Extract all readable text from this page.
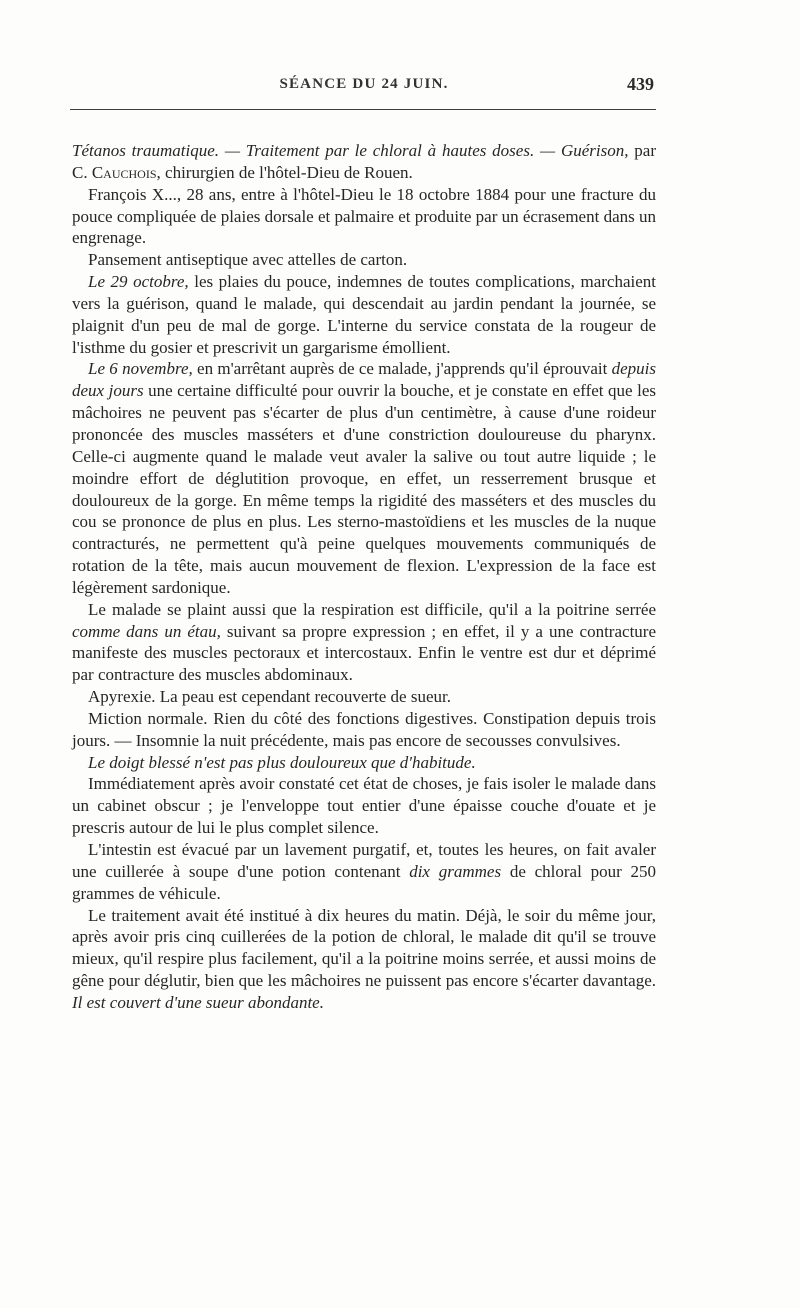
SÉANCE DU 24 JUIN.	439

Tétanos traumatique. — Traitement par le chloral à hautes doses. — Guérison, par C. Cauchois, chirurgien de l'hôtel-Dieu de Rouen.

François X..., 28 ans, entre à l'hôtel-Dieu le 18 octobre 1884 pour une fracture du pouce compliquée de plaies dorsale et palmaire et produite par un écrasement dans un engrenage.

Pansement antiseptique avec attelles de carton.

Le 29 octobre, les plaies du pouce, indemnes de toutes complications, marchaient vers la guérison, quand le malade, qui descendait au jardin pendant la journée, se plaignit d'un peu de mal de gorge. L'interne du service constata de la rougeur de l'isthme du gosier et prescrivit un gargarisme émollient.

Le 6 novembre, en m'arrêtant auprès de ce malade, j'apprends qu'il éprouvait depuis deux jours une certaine difficulté pour ouvrir la bouche, et je constate en effet que les mâchoires ne peuvent pas s'écarter de plus d'un centimètre, à cause d'une roideur prononcée des muscles masséters et d'une constriction douloureuse du pharynx. Celle-ci augmente quand le malade veut avaler la salive ou tout autre liquide ; le moindre effort de déglutition provoque, en effet, un resserrement brusque et douloureux de la gorge. En même temps la rigidité des masséters et des muscles du cou se prononce de plus en plus. Les sterno-mastoïdiens et les muscles de la nuque contracturés, ne permettent qu'à peine quelques mouvements communiqués de rotation de la tête, mais aucun mouvement de flexion. L'expression de la face est légèrement sardonique.

Le malade se plaint aussi que la respiration est difficile, qu'il a la poitrine serrée comme dans un étau, suivant sa propre expression ; en effet, il y a une contracture manifeste des muscles pectoraux et intercostaux. Enfin le ventre est dur et déprimé par contracture des muscles abdominaux.

Apyrexie. La peau est cependant recouverte de sueur.

Miction normale. Rien du côté des fonctions digestives. Constipation depuis trois jours. — Insomnie la nuit précédente, mais pas encore de secousses convulsives.

Le doigt blessé n'est pas plus douloureux que d'habitude.

Immédiatement après avoir constaté cet état de choses, je fais isoler le malade dans un cabinet obscur ; je l'enveloppe tout entier d'une épaisse couche d'ouate et je prescris autour de lui le plus complet silence.

L'intestin est évacué par un lavement purgatif, et, toutes les heures, on fait avaler une cuillerée à soupe d'une potion contenant dix grammes de chloral pour 250 grammes de véhicule.

Le traitement avait été institué à dix heures du matin. Déjà, le soir du même jour, après avoir pris cinq cuillerées de la potion de chloral, le malade dit qu'il se trouve mieux, qu'il respire plus facilement, qu'il a la poitrine moins serrée, et aussi moins de gêne pour déglutir, bien que les mâchoires ne puissent pas encore s'écarter davantage. Il est couvert d'une sueur abondante.
